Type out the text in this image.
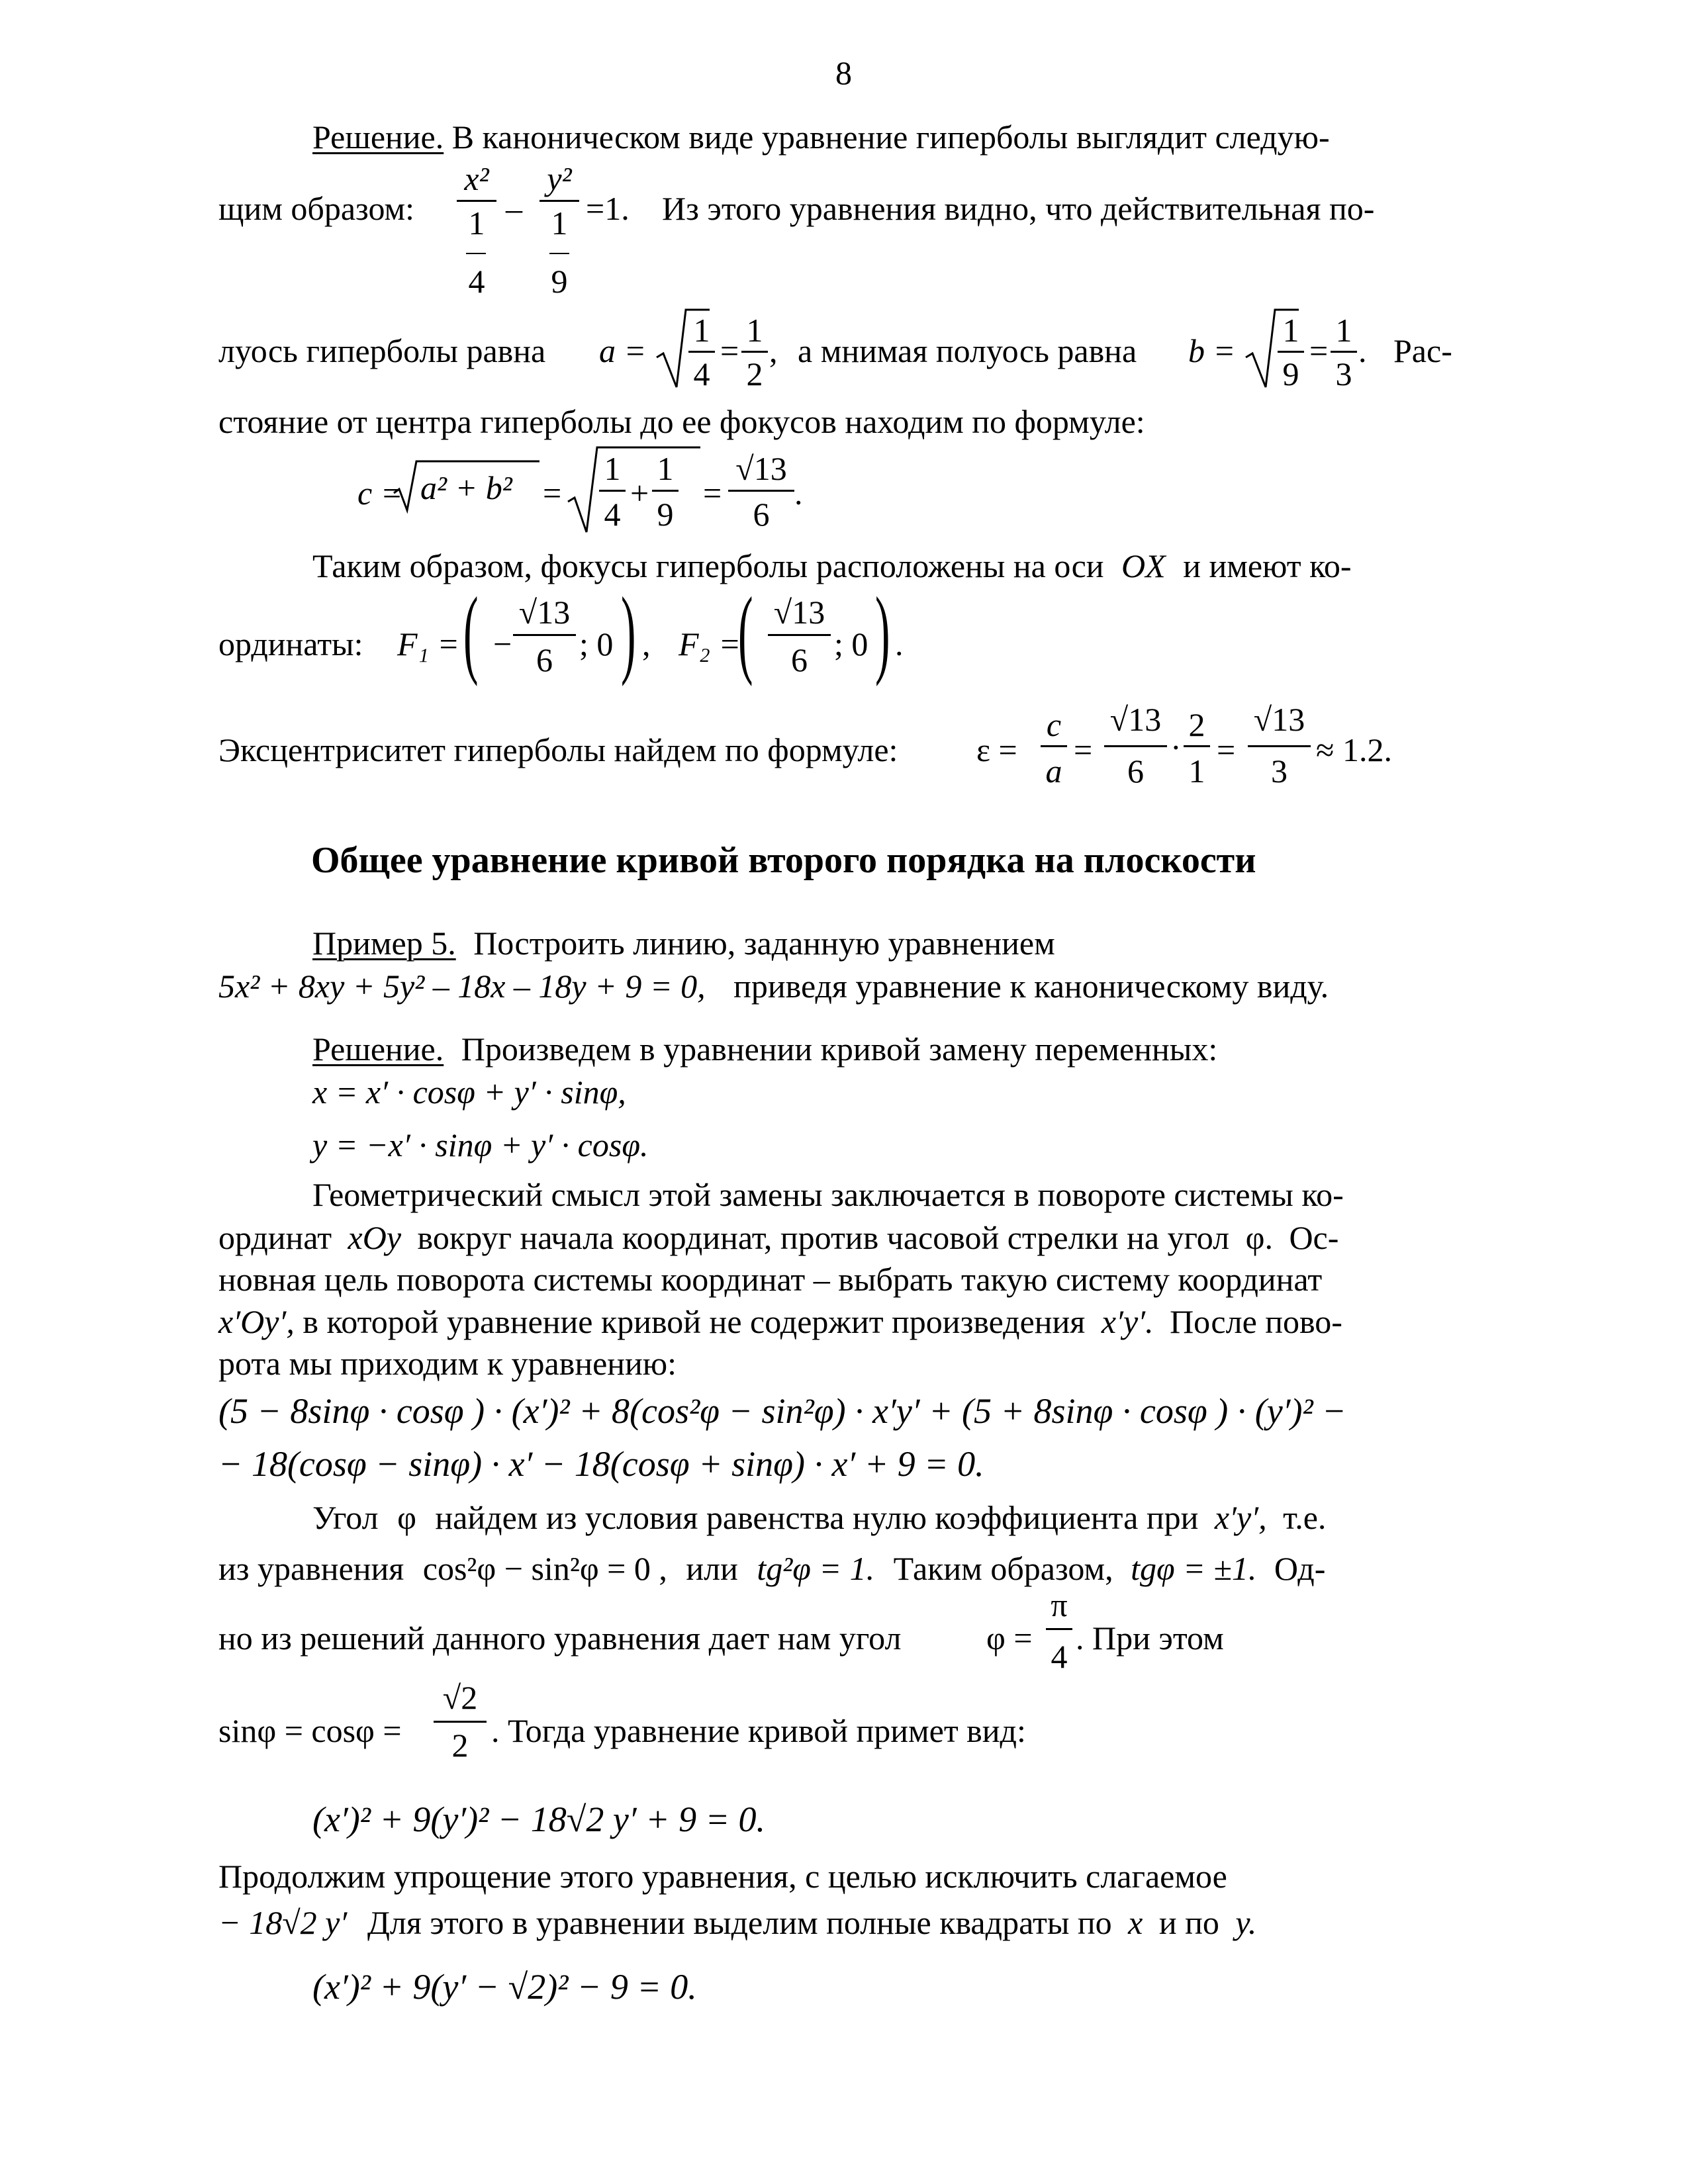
8
Решение. В каноническом виде уравнение гиперболы выглядит следую-
щим образом:
x²
1
4
–
y²
1
9
=1. Из этого уравнения видно, что действительная по-
луось гиперболы равна a =
1
4
=
1
2
, а мнимая полуось равна b =
1
9
=
1
3
. Рас-
стояние от центра гиперболы до ее фокусов находим по формуле:
c = a² + b² =
1
4
+
1
9
=
√13
6
.
Таким образом, фокусы гиперболы расположены на оси OX и имеют ко-
ординаты: F₁ = ( −
√13
6 ; 0 ) , F₂ =
( √13
6 ; 0 ) .
Эксцентриситет гиперболы найдем по формуле: ε =
c
a
=
√13
6
·
2
1
=
√13
3
≈ 1.2.
Общее уравнение кривой второго порядка на плоскости
Пример 5. Построить линию, заданную уравнением
5x² + 8xy + 5y² – 18x – 18y + 9 = 0, приведя уравнение к каноническому виду.
Решение. Произведем в уравнении кривой замену переменных:
x = x′ · cosφ + y′ · sinφ,
y = −x′ · sinφ + y′ · cosφ.
Геометрический смысл этой замены заключается в повороте системы ко-
ординат xOy вокруг начала координат, против часовой стрелки на угол φ. Ос-
новная цель поворота системы координат – выбрать такую систему координат
x′Oy′, в которой уравнение кривой не содержит произведения x′y′. После пово-
рота мы приходим к уравнению:
(5 − 8sinφ · cosφ ) · (x′)² + 8(cos²φ − sin²φ) · x′y′ + (5 + 8sinφ · cosφ ) · (y′)² −
− 18(cosφ − sinφ) · x′ − 18(cosφ + sinφ) · x′ + 9 = 0.
Угол φ найдем из условия равенства нулю коэффициента при x′y′, т.е.
из уравнения cos²φ − sin²φ = 0 , или tg²φ = 1. Таким образом, tgφ = ±1. Од-
но из решений данного уравнения дает нам угол	φ =
π
4 . При этом
sinφ = cosφ =
√2
2 . Тогда уравнение кривой примет вид:
(x′)² + 9(y′)² − 18√2 y′ + 9 = 0.
Продолжим упрощение этого уравнения, с целью исключить слагаемое
− 18√2 y′ Для этого в уравнении выделим полные квадраты по x и по y.
(x′)² + 9(y′ − √2)² − 9 = 0.
